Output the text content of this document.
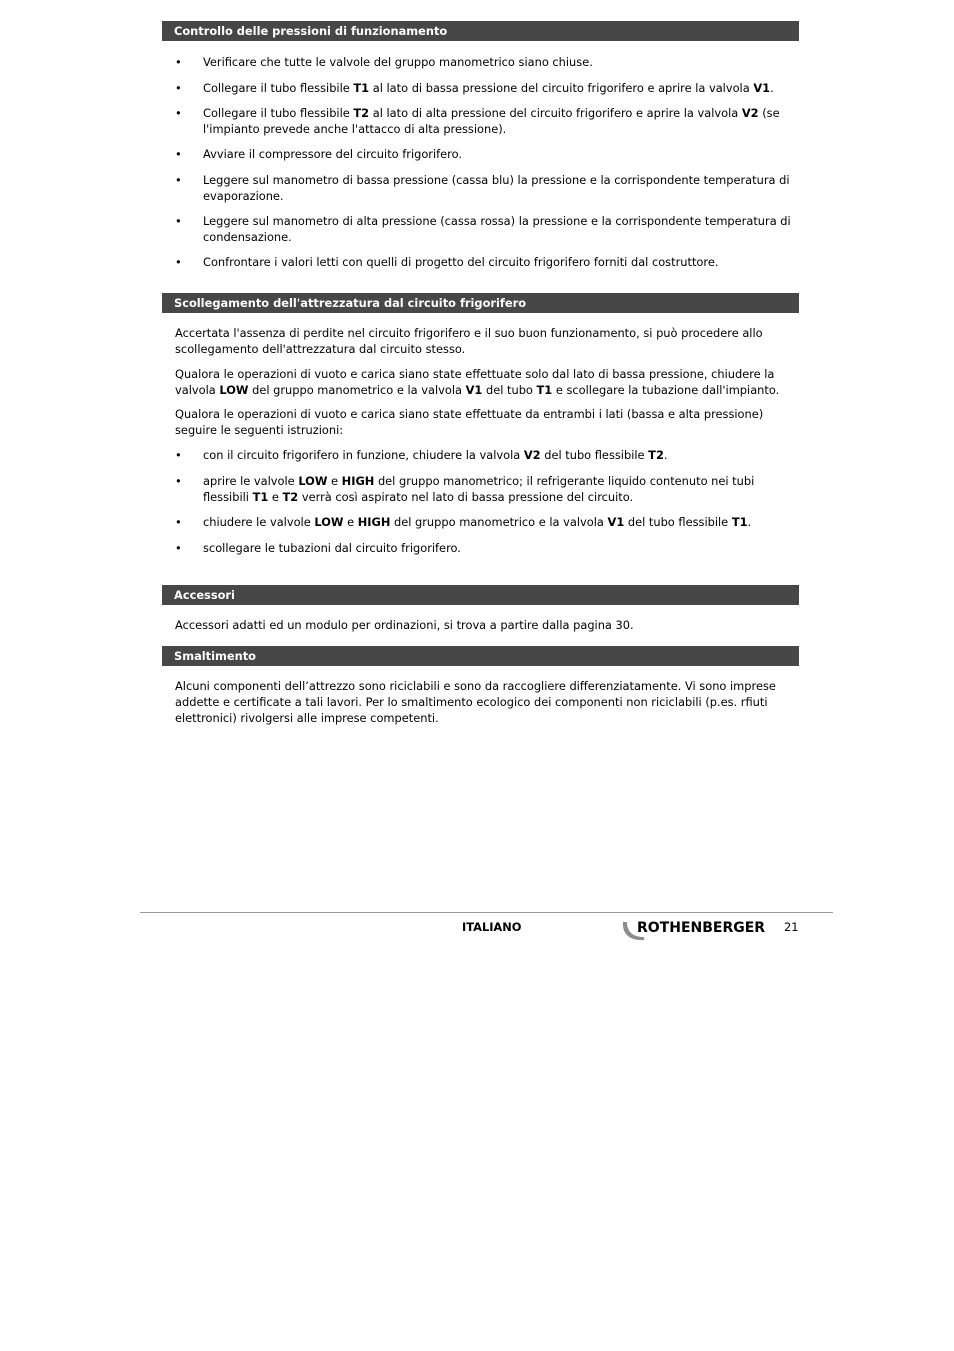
Controllo delle pressioni di funzionamento
• Verificare che tutte le valvole del gruppo manometrico siano chiuse.
• Collegare il tubo flessibile T1 al lato di bassa pressione del circuito frigorifero e aprire la valvola V1.
• Collegare il tubo flessibile T2 al lato di alta pressione del circuito frigorifero e aprire la valvola V2 (se l'impianto prevede anche l'attacco di alta pressione).
• Avviare il compressore del circuito frigorifero.
• Leggere sul manometro di bassa pressione (cassa blu) la pressione e la corrispondente temperatura di evaporazione.
• Leggere sul manometro di alta pressione (cassa rossa) la pressione e la corrispondente temperatura di condensazione.
• Confrontare i valori letti con quelli di progetto del circuito frigorifero forniti dal costruttore.
Scollegamento dell'attrezzatura dal circuito frigorifero
Accertata l'assenza di perdite nel circuito frigorifero e il suo buon funzionamento, si può procedere allo scollegamento dell'attrezzatura dal circuito stesso.
Qualora le operazioni di vuoto e carica siano state effettuate solo dal lato di bassa pressione, chiudere la valvola LOW del gruppo manometrico e la valvola V1 del tubo T1 e scollegare la tubazione dall'impianto.
Qualora le operazioni di vuoto e carica siano state effettuate da entrambi i lati (bassa e alta pressione) seguire le seguenti istruzioni:
• con il circuito frigorifero in funzione, chiudere la valvola V2 del tubo flessibile T2.
• aprire le valvole LOW e HIGH del gruppo manometrico; il refrigerante liquido contenuto nei tubi flessibili T1 e T2 verrà così aspirato nel lato di bassa pressione del circuito.
• chiudere le valvole LOW e HIGH del gruppo manometrico e la valvola V1 del tubo flessibile T1.
• scollegare le tubazioni dal circuito frigorifero.
Accessori
Accessori adatti ed un modulo per ordinazioni, si trova a partire dalla pagina 30.
Smaltimento
Alcuni componenti dell’attrezzo sono riciclabili e sono da raccogliere differenziatamente. Vi sono imprese addette e certificate a tali lavori. Per lo smaltimento ecologico dei componenti non riciclabili (p.es. rfiuti elettronici) rivolgersi alle imprese competenti.
ITALIANO	ROTHENBERGER 21
